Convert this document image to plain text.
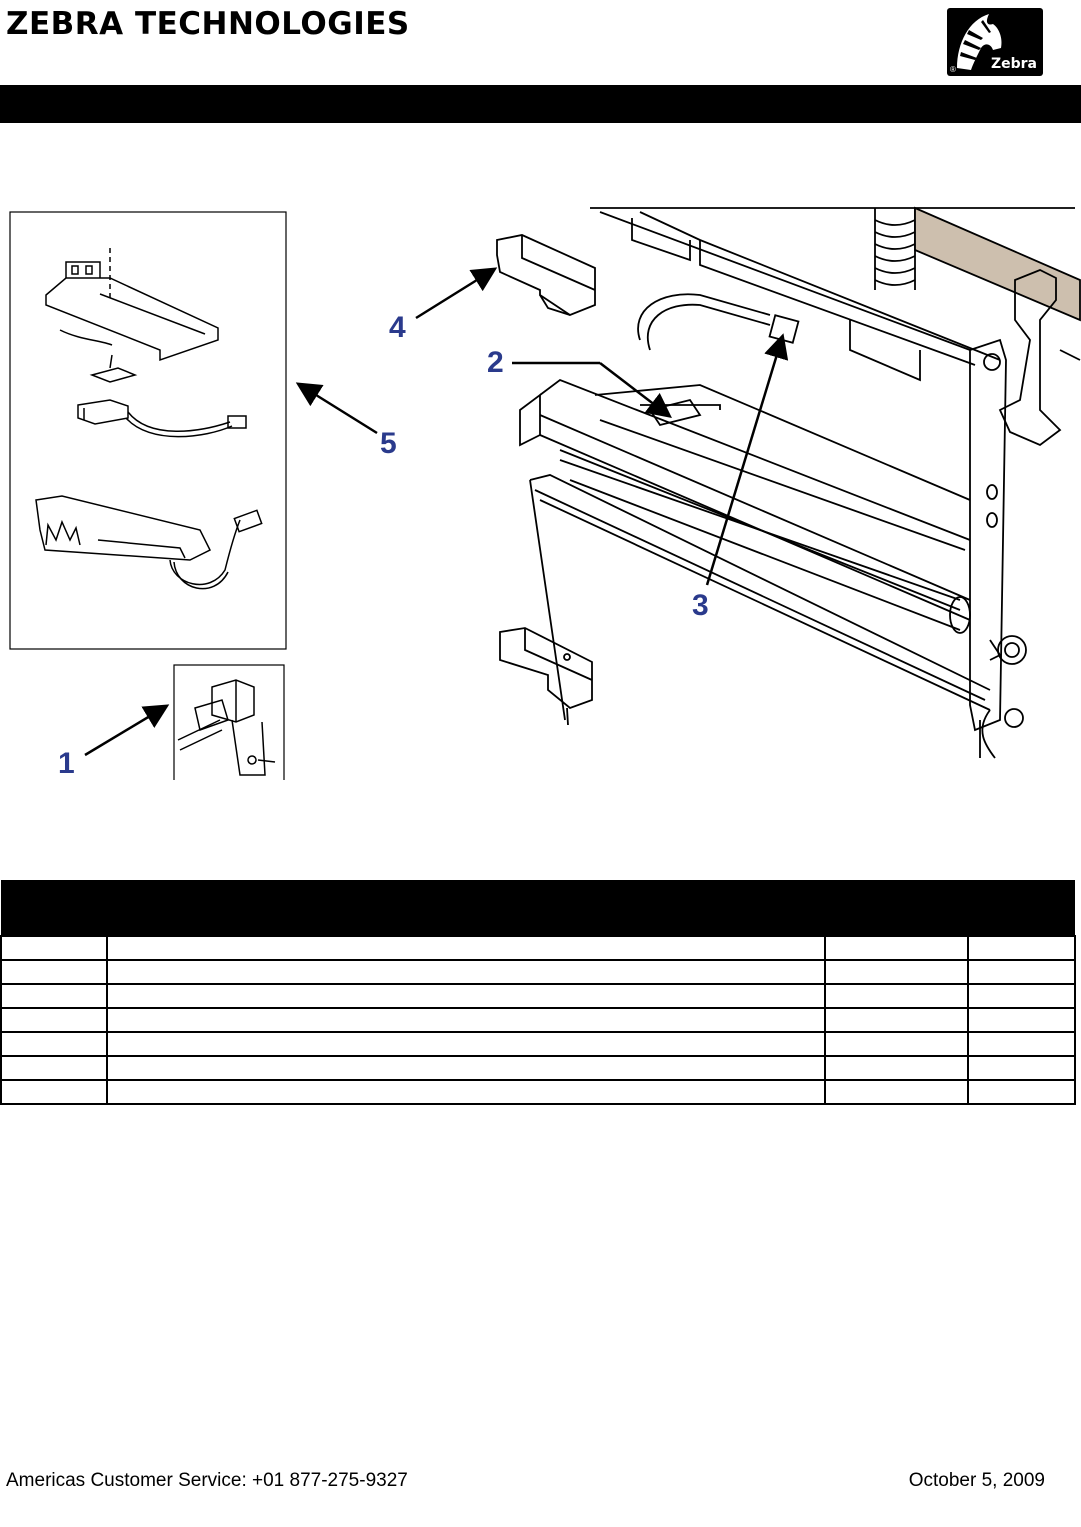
ZEBRA TECHNOLOGIES
®	Zebra
1
2
3
4
5

Americas Customer Service: +01 877-275-9327	October 5, 2009
